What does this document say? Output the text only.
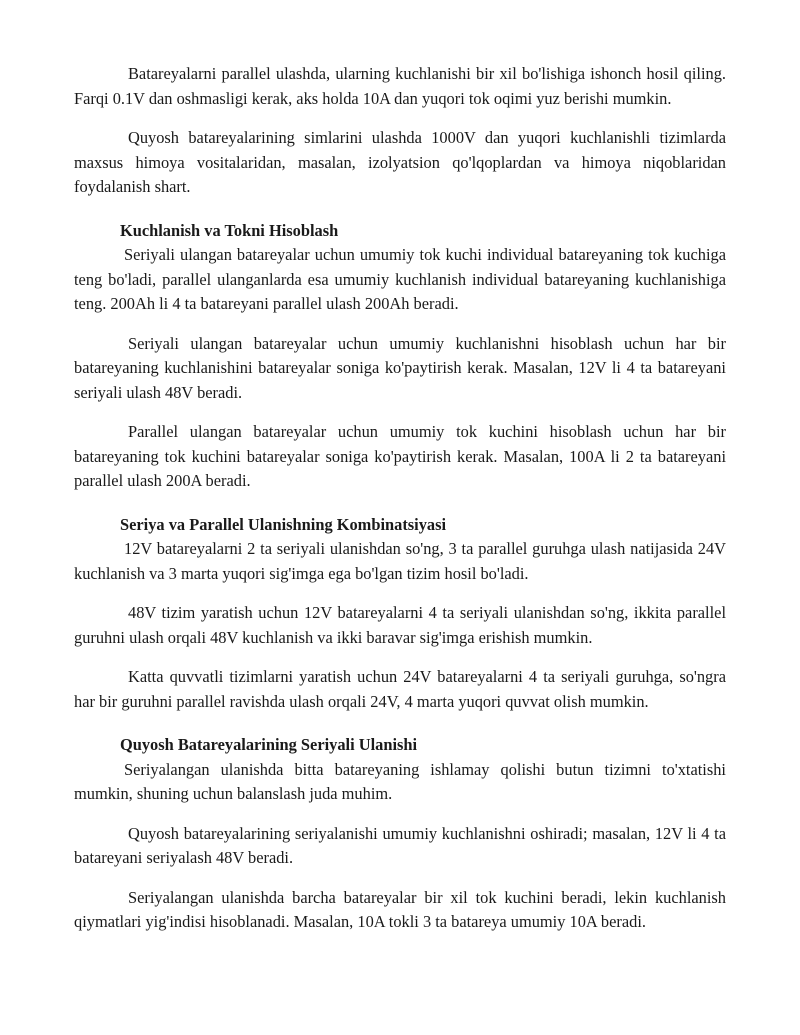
Batareyalarni parallel ulashda, ularning kuchlanishi bir xil bo'lishiga ishonch hosil qiling. Farqi 0.1V dan oshmasligi kerak, aks holda 10A dan yuqori tok oqimi yuz berishi mumkin.

Quyosh batareyalarining simlarini ulashda 1000V dan yuqori kuchlanishli tizimlarda maxsus himoya vositalaridan, masalan, izolyatsion qo'lqoplardan va himoya niqoblaridan foydalanish shart.

Kuchlanish va Tokni Hisoblash

Seriyali ulangan batareyalar uchun umumiy tok kuchi individual batareyaning tok kuchiga teng bo'ladi, parallel ulanganlarda esa umumiy kuchlanish individual batareyaning kuchlanishiga teng. 200Ah li 4 ta batareyani parallel ulash 200Ah beradi.

Seriyali ulangan batareyalar uchun umumiy kuchlanishni hisoblash uchun har bir batareyaning kuchlanishini batareyalar soniga ko'paytirish kerak. Masalan, 12V li 4 ta batareyani seriyali ulash 48V beradi.

Parallel ulangan batareyalar uchun umumiy tok kuchini hisoblash uchun har bir batareyaning tok kuchini batareyalar soniga ko'paytirish kerak. Masalan, 100A li 2 ta batareyani parallel ulash 200A beradi.

Seriya va Parallel Ulanishning Kombinatsiyasi

12V batareyalarni 2 ta seriyali ulanishdan so'ng, 3 ta parallel guruhga ulash natijasida 24V kuchlanish va 3 marta yuqori sig'imga ega bo'lgan tizim hosil bo'ladi.

48V tizim yaratish uchun 12V batareyalarni 4 ta seriyali ulanishdan so'ng, ikkita parallel guruhni ulash orqali 48V kuchlanish va ikki baravar sig'imga erishish mumkin.

Katta quvvatli tizimlarni yaratish uchun 24V batareyalarni 4 ta seriyali guruhga, so'ngra har bir guruhni parallel ravishda ulash orqali 24V, 4 marta yuqori quvvat olish mumkin.

Quyosh Batareyalarining Seriyali Ulanishi

Seriyalangan ulanishda bitta batareyaning ishlamay qolishi butun tizimni to'xtatishi mumkin, shuning uchun balanslash juda muhim.

Quyosh batareyalarining seriyalanishi umumiy kuchlanishni oshiradi; masalan, 12V li 4 ta batareyani seriyalash 48V beradi.

Seriyalangan ulanishda barcha batareyalar bir xil tok kuchini beradi, lekin kuchlanish qiymatlari yig'indisi hisoblanadi. Masalan, 10A tokli 3 ta batareya umumiy 10A beradi.
